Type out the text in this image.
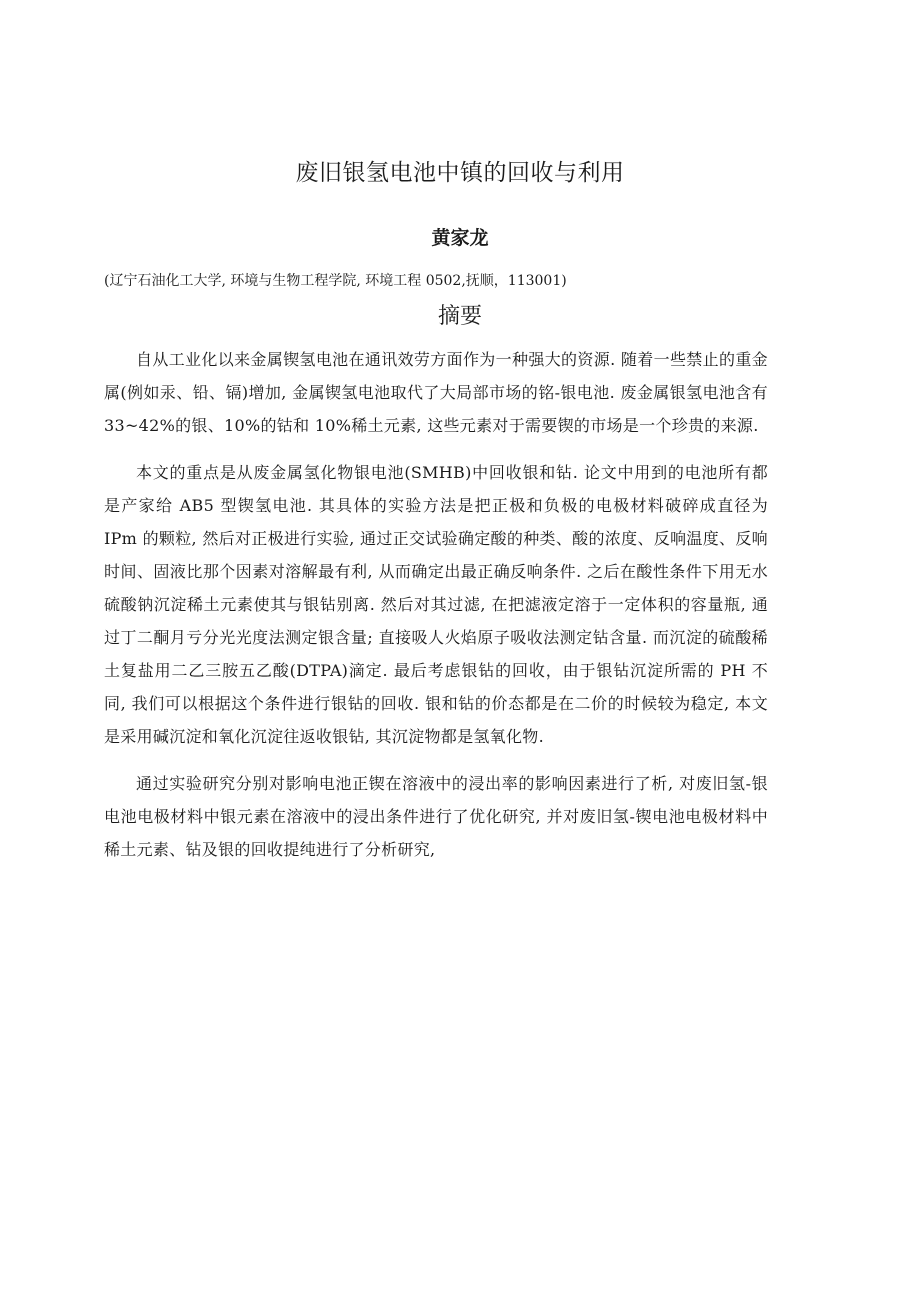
废旧银氢电池中镇的回收与利用
黄家龙
(辽宁石油化工大学, 环境与生物工程学院, 环境工程 0502,抚顺，113001)
摘要

自从工业化以来金属锲氢电池在通讯效劳方面作为一种强大的资源. 随着一些禁止的重金属(例如汞、铅、镉)增加, 金属锲氢电池取代了大局部市场的铭-银电池. 废金属银氢电池含有 33~42%的银、10%的钴和 10%稀土元素, 这些元素对于需要锲的市场是一个珍贵的来源.

本文的重点是从废金属氢化物银电池(SMHB)中回收银和钻. 论文中用到的电池所有都是产家给 AB5 型锲氢电池. 其具体的实验方法是把正极和负极的电极材料破碎成直径为 IPm 的颗粒, 然后对正极进行实验, 通过正交试验确定酸的种类、酸的浓度、反响温度、反响时间、固液比那个因素对溶解最有利, 从而确定出最正确反响条件. 之后在酸性条件下用无水硫酸钠沉淀稀土元素使其与银钻别离. 然后对其过滤, 在把滤液定溶于一定体积的容量瓶, 通过丁二酮月亏分光光度法测定银含量; 直接吸人火焰原子吸收法测定钻含量. 而沉淀的硫酸稀土复盐用二乙三胺五乙酸(DTPA)滴定. 最后考虑银钻的回收，由于银钻沉淀所需的 PH 不同, 我们可以根据这个条件进行银钻的回收. 银和钻的价态都是在二价的时候较为稳定, 本文是采用碱沉淀和氧化沉淀往返收银钻, 其沉淀物都是氢氧化物.

通过实验研究分别对影响电池正锲在溶液中的浸出率的影响因素进行了析, 对废旧氢-银电池电极材料中银元素在溶液中的浸出条件进行了优化研究, 并对废旧氢-锲电池电极材料中稀土元素、钻及银的回收提纯进行了分析研究,
